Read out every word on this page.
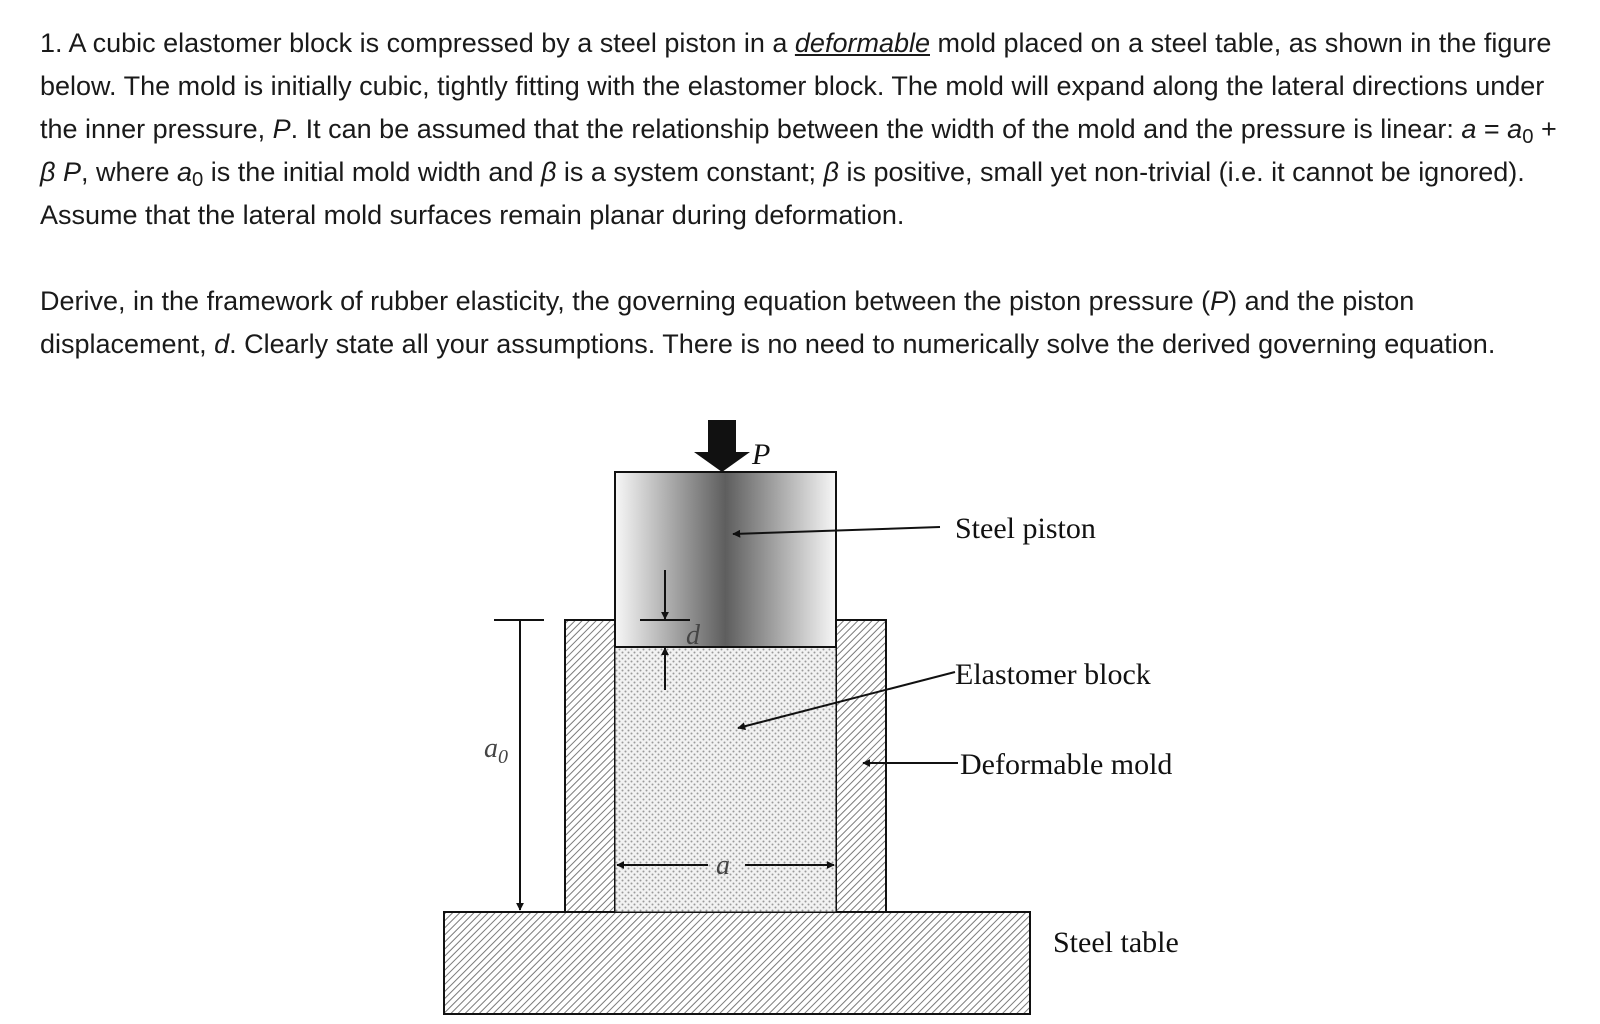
1. A cubic elastomer block is compressed by a steel piston in a deformable mold placed on a steel table, as shown in the figure below. The mold is initially cubic, tightly fitting with the elastomer block. The mold will expand along the lateral directions under the inner pressure, P. It can be assumed that the relationship between the width of the mold and the pressure is linear: $a = a_0 + \beta$ P, where $a_0$ is the initial mold width and β is a system constant; β is positive, small yet non-trivial (i.e. it cannot be ignored). Assume that the lateral mold surfaces remain planar during deformation.

Derive, in the framework of rubber elasticity, the governing equation between the piston pressure (P) and the piston displacement, d. Clearly state all your assumptions. There is no need to numerically solve the derived governing equation.

P
d
$a_0$
a
Steel piston
Elastomer block
Deformable mold
Steel table
